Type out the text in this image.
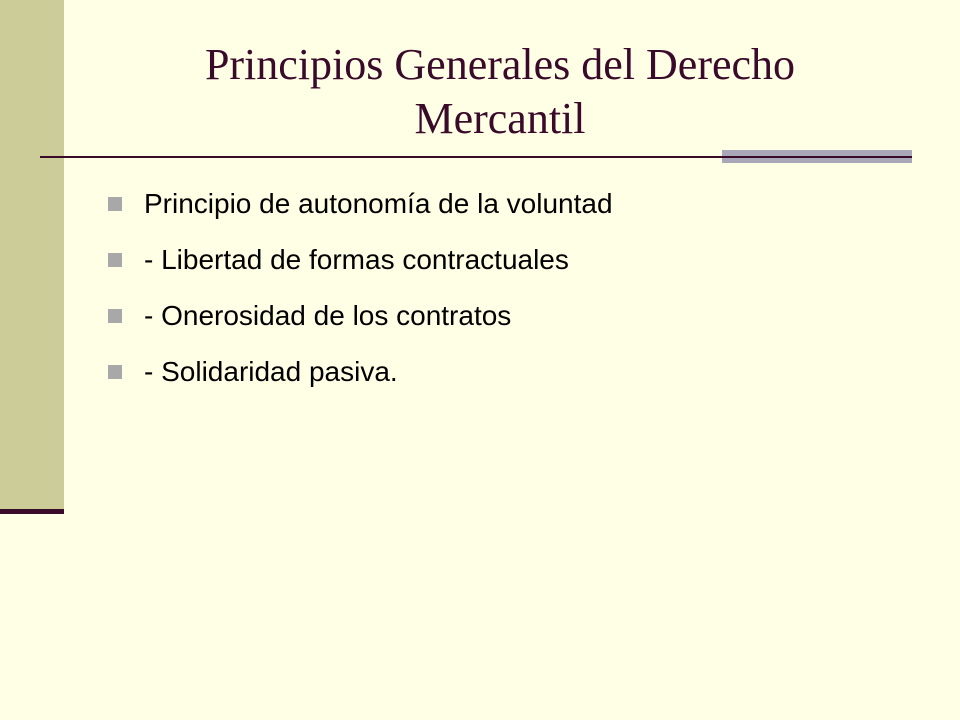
Principios Generales del Derecho Mercantil
Principio de autonomía de la voluntad
- Libertad de formas contractuales
- Onerosidad de los contratos
- Solidaridad pasiva.
